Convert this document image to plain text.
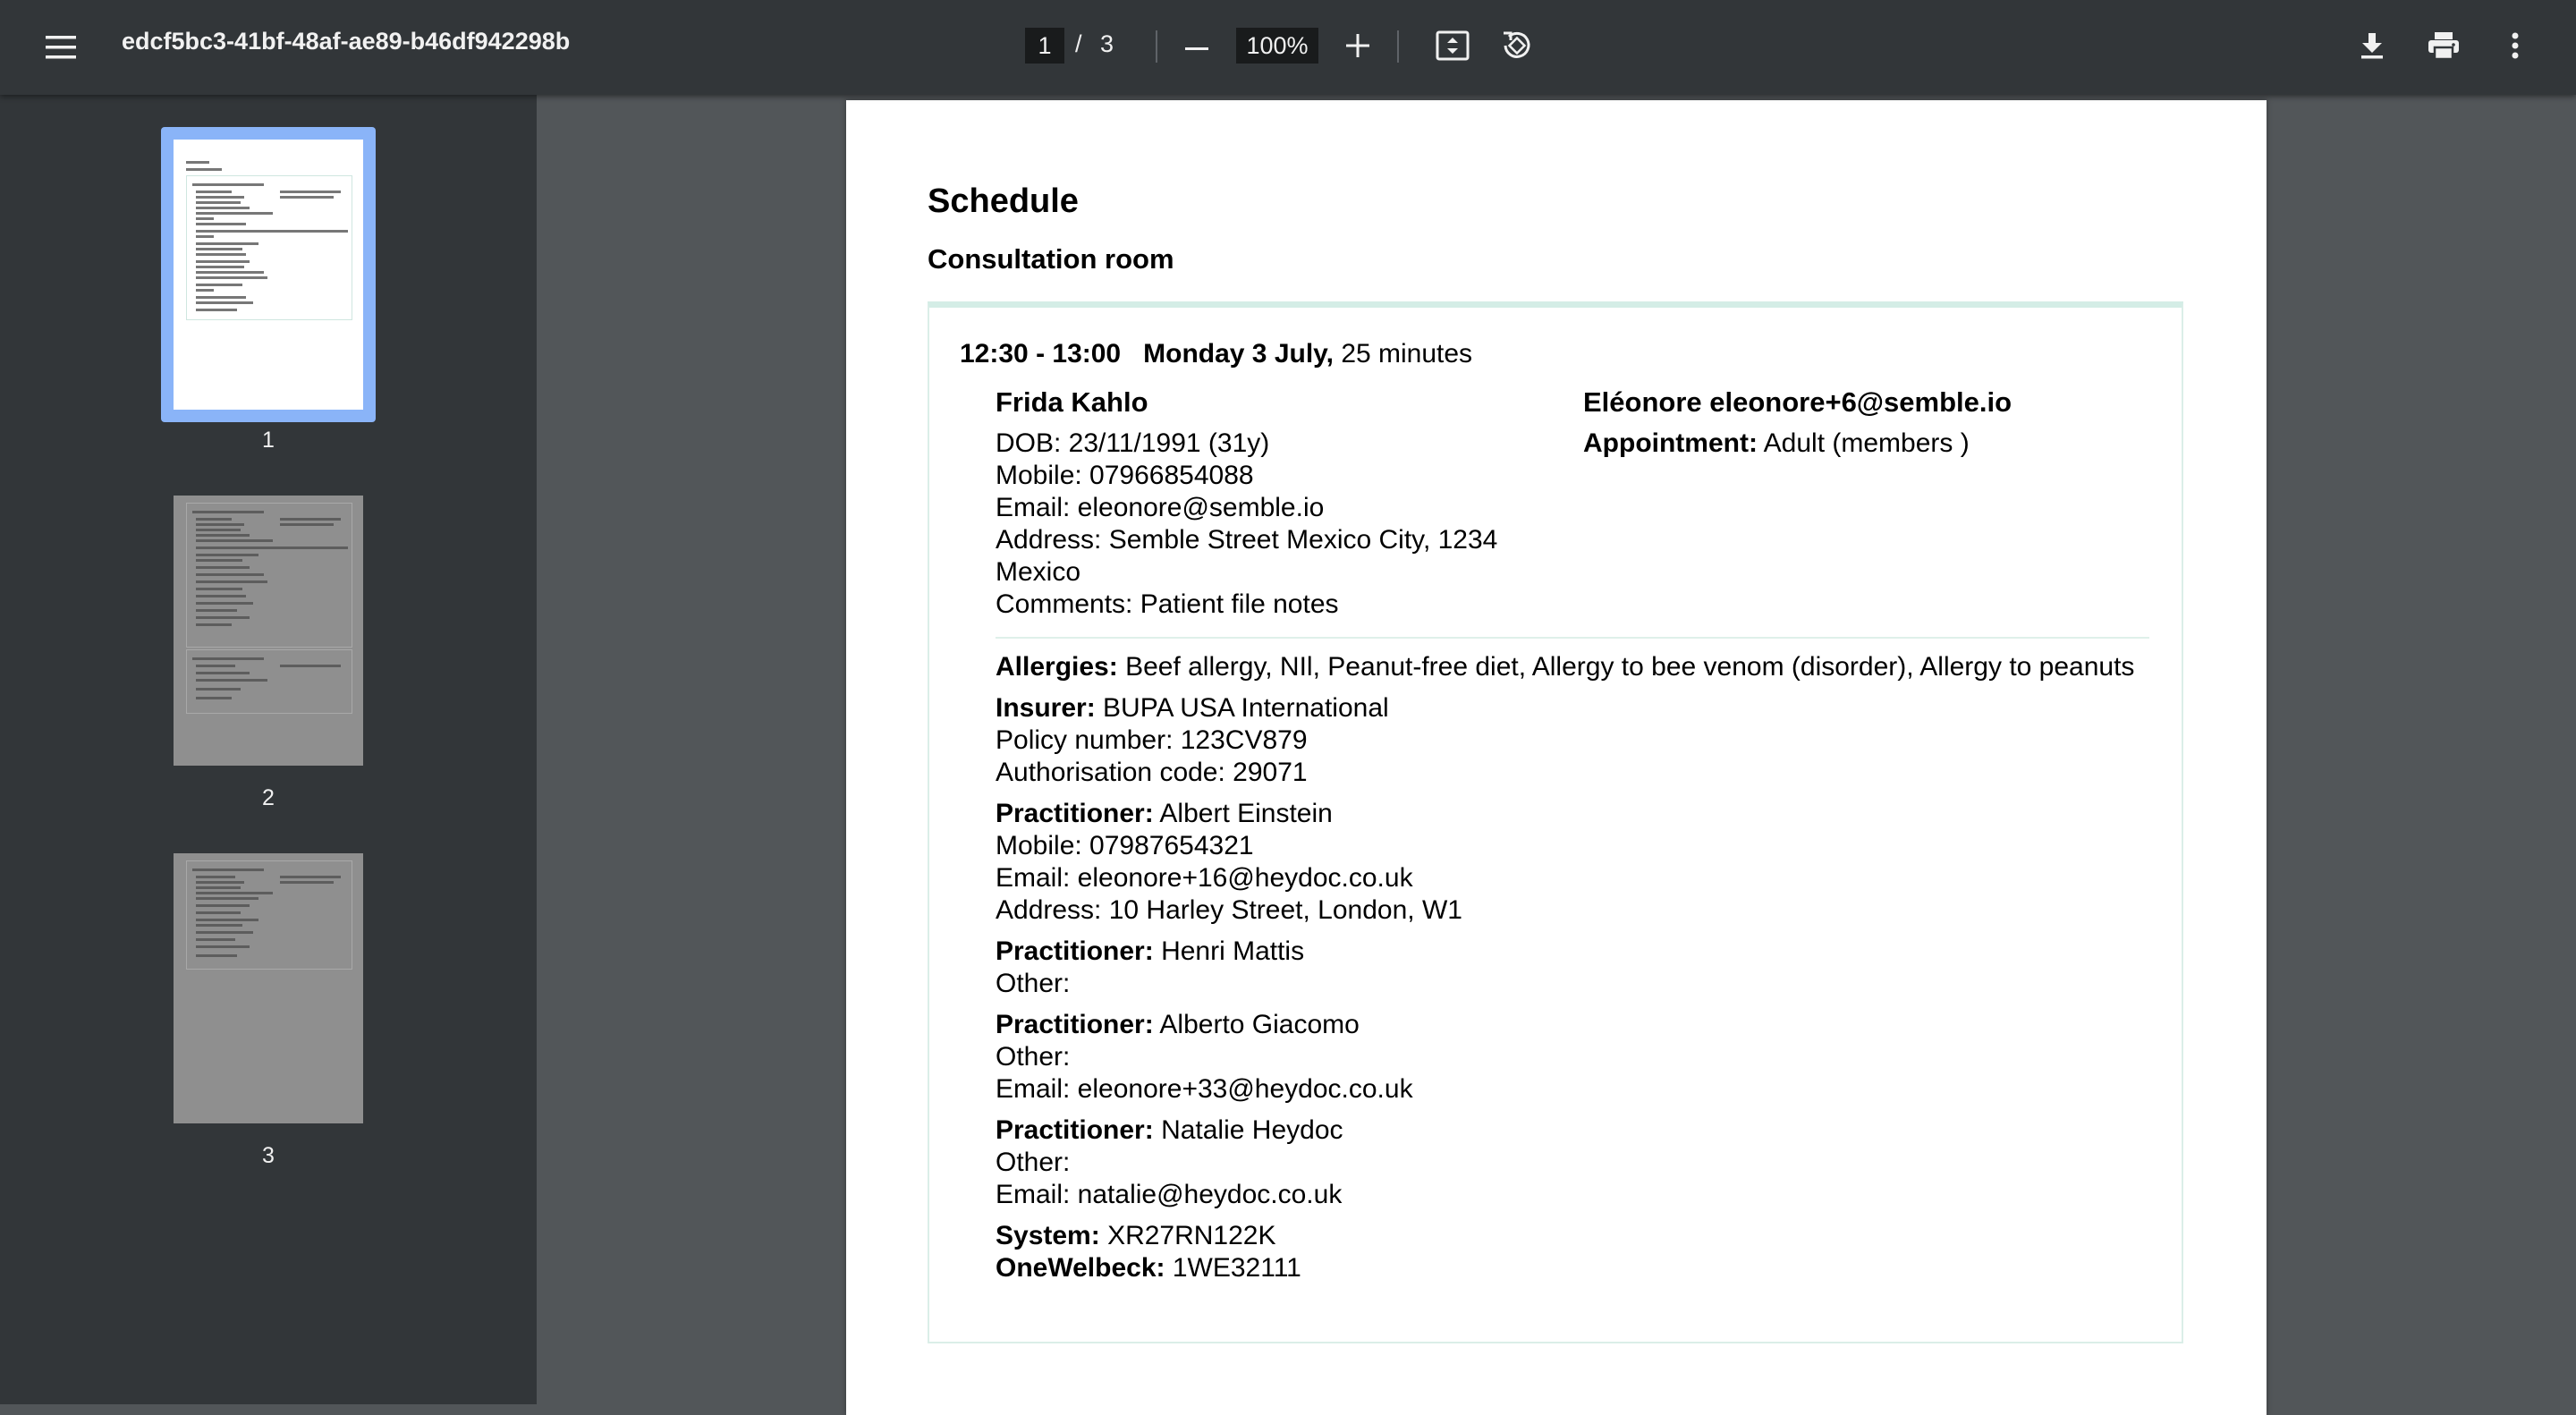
edcf5bc3-41bf-48af-ae89-b46df942298b
1	/ 3
100%
1
2
3
Schedule
Consultation room
12:30 - 13:00 Monday 3 July, 25 minutes
Frida Kahlo
DOB: 23/11/1991 (31y)
Mobile: 07966854088
Email: eleonore@semble.io
Address: Semble Street Mexico City, 1234
Mexico
Comments: Patient file notes
Eléonore eleonore+6@semble.io
Appointment: Adult (members )
Allergies: Beef allergy, NIl, Peanut-free diet, Allergy to bee venom (disorder), Allergy to peanuts
Insurer: BUPA USA International
Policy number: 123CV879
Authorisation code: 29071
Practitioner: Albert Einstein
Mobile: 07987654321
Email: eleonore+16@heydoc.co.uk
Address: 10 Harley Street, London, W1
Practitioner: Henri Mattis
Other:
Practitioner: Alberto Giacomo
Other:
Email: eleonore+33@heydoc.co.uk
Practitioner: Natalie Heydoc
Other:
Email: natalie@heydoc.co.uk
System: XR27RN122K
OneWelbeck: 1WE32111
